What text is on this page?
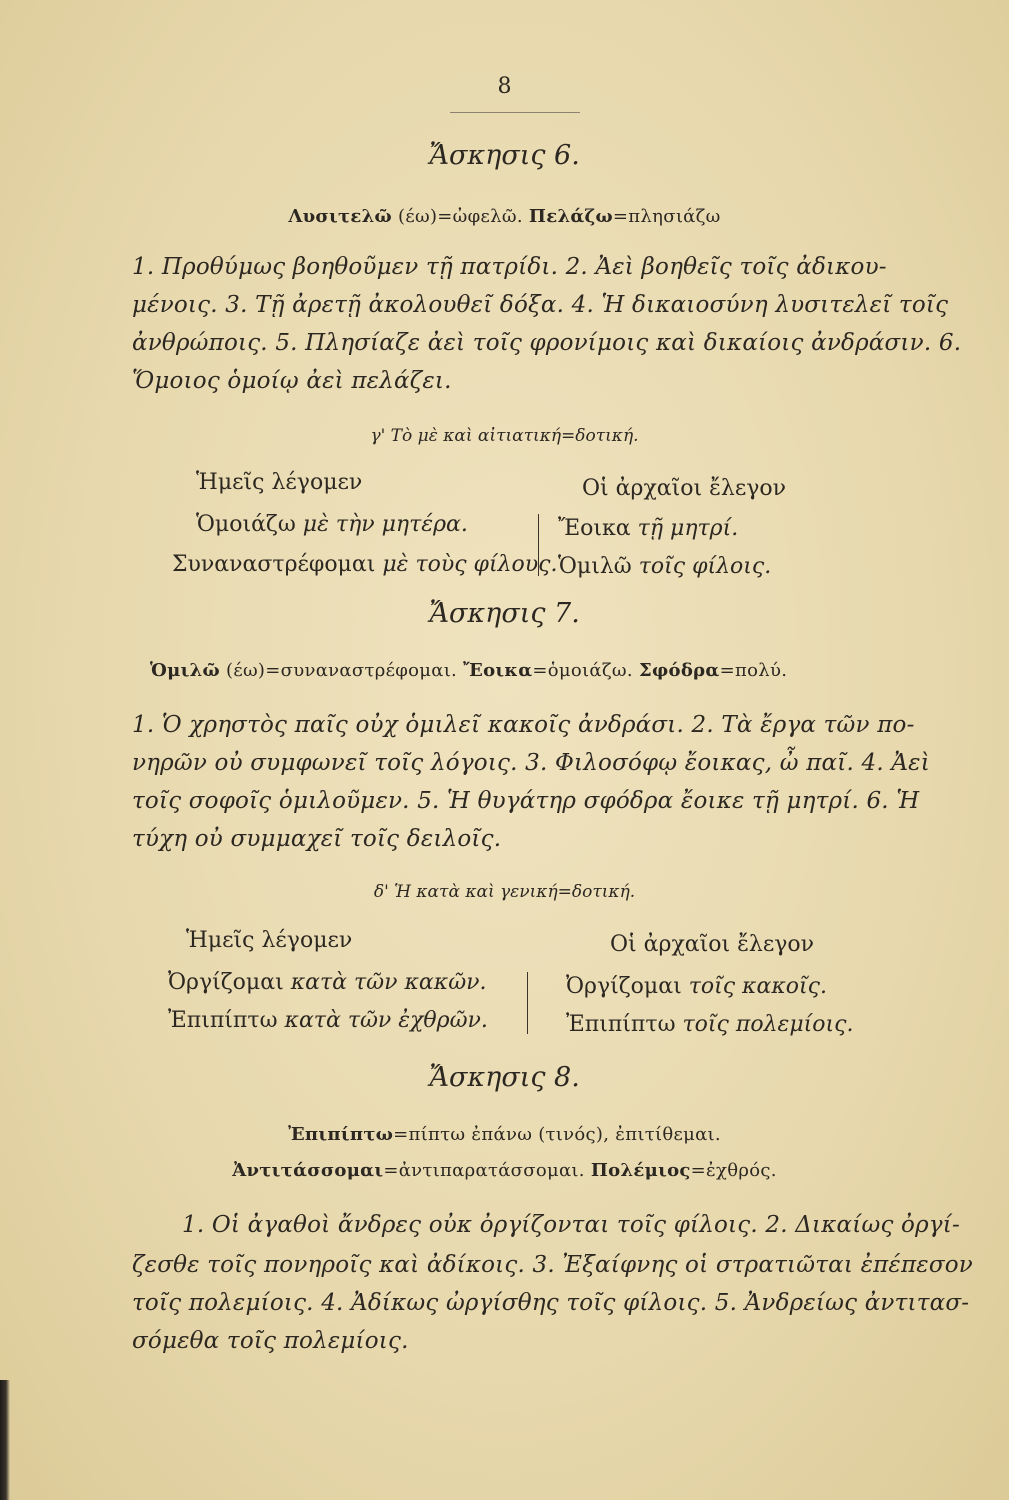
8
Ἄσκησις 6.
Λυσιτελῶ (έω)=ὠφελῶ. Πελάζω=πλησιάζω
1. Προθύμως βοηθοῦμεν τῇ πατρίδι. 2. Ἀεὶ βοηθεῖς τοῖς ἀδικου-
μένοις. 3. Τῇ ἀρετῇ ἀκολουθεῖ δόξα. 4. Ἡ δικαιοσύνη λυσιτελεῖ τοῖς
ἀνθρώποις. 5. Πλησίαζε ἀεὶ τοῖς φρονίμοις καὶ δικαίοις ἀνδράσιν. 6.
Ὅμοιος ὁμοίῳ ἀεὶ πελάζει.
γ' Τὸ μὲ καὶ αἰτιατική=δοτική.
Ἡμεῖς λέγομεν	Οἱ ἀρχαῖοι ἔλεγον
Ὁμοιάζω μὲ τὴν μητέρα.
Συναναστρέφομαι μὲ τοὺς φίλους.
Ἔοικα τῇ μητρί.
Ὁμιλῶ τοῖς φίλοις.
Ἄσκησις 7.
Ὁμιλῶ (έω)=συναναστρέφομαι. Ἔοικα=ὁμοιάζω. Σφόδρα=πολύ.
1. Ὁ χρηστὸς παῖς οὐχ ὁμιλεῖ κακοῖς ἀνδράσι. 2. Τὰ ἔργα τῶν πο-
νηρῶν οὐ συμφωνεῖ τοῖς λόγοις. 3. Φιλοσόφῳ ἔοικας, ὦ παῖ. 4. Ἀεὶ
τοῖς σοφοῖς ὁμιλοῦμεν. 5. Ἡ θυγάτηρ σφόδρα ἔοικε τῇ μητρί. 6. Ἡ
τύχη οὐ συμμαχεῖ τοῖς δειλοῖς.
δ' Ἡ κατὰ καὶ γενική=δοτική.
Ἡμεῖς λέγομεν	Οἱ ἀρχαῖοι ἔλεγον
Ὀργίζομαι κατὰ τῶν κακῶν.
Ἐπιπίπτω κατὰ τῶν ἐχθρῶν.
Ὀργίζομαι τοῖς κακοῖς.
Ἐπιπίπτω τοῖς πολεμίοις.
Ἄσκησις 8.
Ἐπιπίπτω=πίπτω ἐπάνω (τινός), ἐπιτίθεμαι.
Ἀντιτάσσομαι=ἀντιπαρατάσσομαι. Πολέμιος=ἐχθρός.
1. Οἱ ἀγαθοὶ ἄνδρες οὐκ ὀργίζονται τοῖς φίλοις. 2. Δικαίως ὀργί-
ζεσθε τοῖς πονηροῖς καὶ ἀδίκοις. 3. Ἐξαίφνης οἱ στρατιῶται ἐπέπεσον
τοῖς πολεμίοις. 4. Ἀδίκως ὠργίσθης τοῖς φίλοις. 5. Ἀνδρείως ἀντιτασ-
σόμεθα τοῖς πολεμίοις.
